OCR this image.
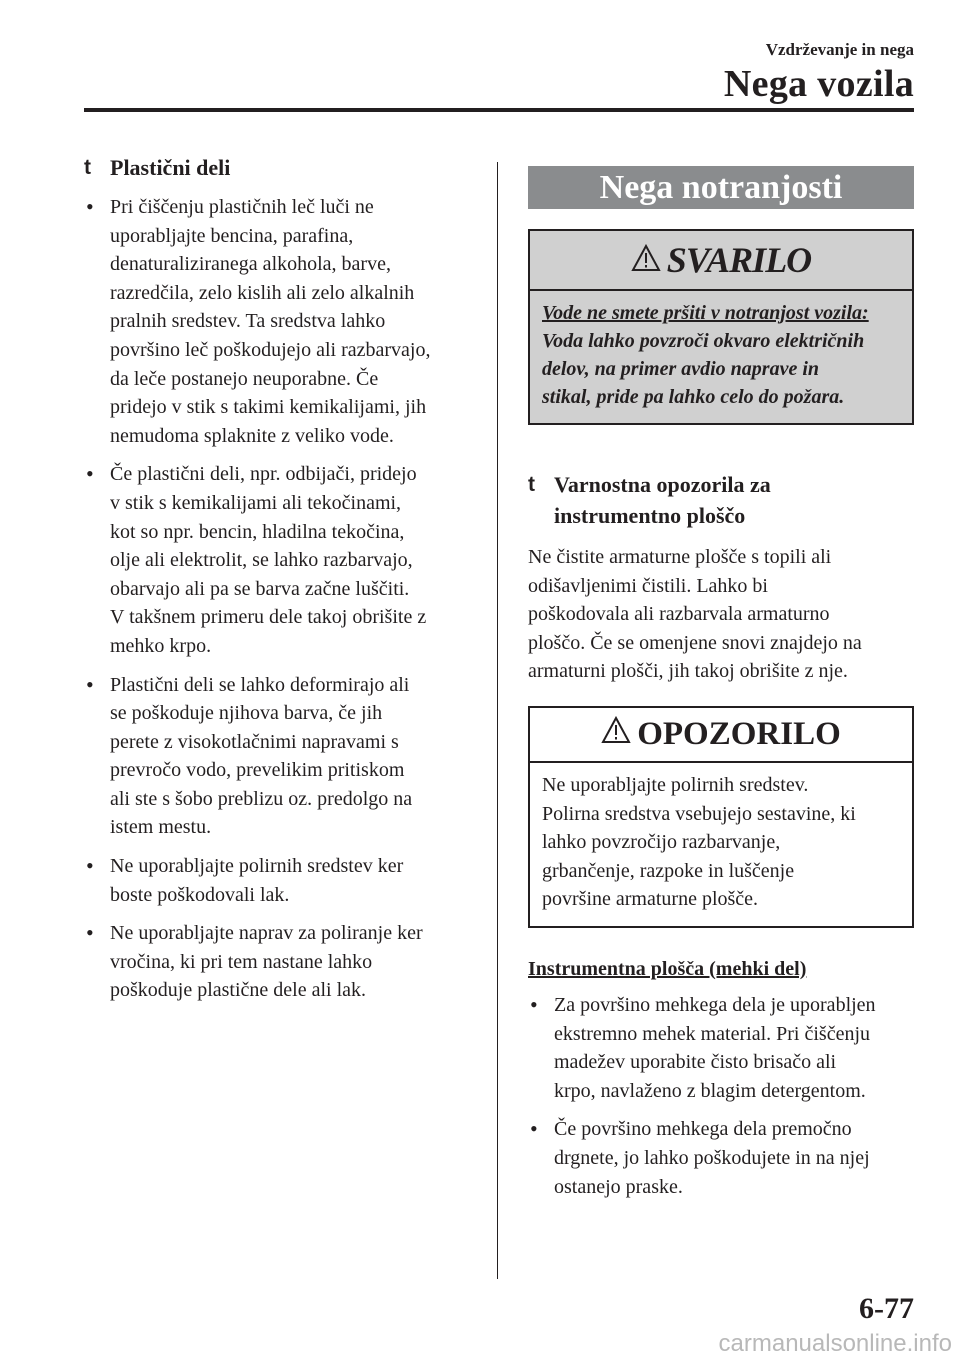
Vzdrževanje in nega
Nega vozila
t Plastični deli
• Pri čiščenju plastičnih leč luči ne
uporabljajte bencina, parafina,
denaturaliziranega alkohola, barve,
razredčila, zelo kislih ali zelo alkalnih
pralnih sredstev. Ta sredstva lahko
površino leč poškodujejo ali razbarvajo,
da leče postanejo neuporabne. Če
pridejo v stik s takimi kemikalijami, jih
nemudoma splaknite z veliko vode.
• Če plastični deli, npr. odbijači, pridejo
v stik s kemikalijami ali tekočinami,
kot so npr. bencin, hladilna tekočina,
olje ali elektrolit, se lahko razbarvajo,
obarvajo ali pa se barva začne luščiti.
V takšnem primeru dele takoj obrišite z
mehko krpo.
• Plastični deli se lahko deformirajo ali
se poškoduje njihova barva, če jih
perete z visokotlačnimi napravami s
prevročo vodo, prevelikim pritiskom
ali ste s šobo preblizu oz. predolgo na
istem mestu.
• Ne uporabljajte polirnih sredstev ker
boste poškodovali lak.
• Ne uporabljajte naprav za poliranje ker
vročina, ki pri tem nastane lahko
poškoduje plastične dele ali lak.
Nega notranjosti
SVARILO
Vode ne smete pršiti v notranjost vozila:
Voda lahko povzroči okvaro električnih
delov, na primer avdio naprave in
stikal, pride pa lahko celo do požara.
t Varnostna opozorila za
instrumentno ploščo
Ne čistite armaturne plošče s topili ali
odišavljenimi čistili. Lahko bi
poškodovala ali razbarvala armaturno
ploščo. Če se omenjene snovi znajdejo na
armaturni plošči, jih takoj obrišite z nje.
OPOZORILO
Ne uporabljajte polirnih sredstev.
Polirna sredstva vsebujejo sestavine, ki
lahko povzročijo razbarvanje,
grbančenje, razpoke in luščenje
površine armaturne plošče.
Instrumentna plošča (mehki del)
• Za površino mehkega dela je uporabljen
ekstremno mehek material. Pri čiščenju
madežev uporabite čisto brisačo ali
krpo, navlaženo z blagim detergentom.
• Če površino mehkega dela premočno
drgnete, jo lahko poškodujete in na njej
ostanejo praske.
6-77
carmanualsonline.info
